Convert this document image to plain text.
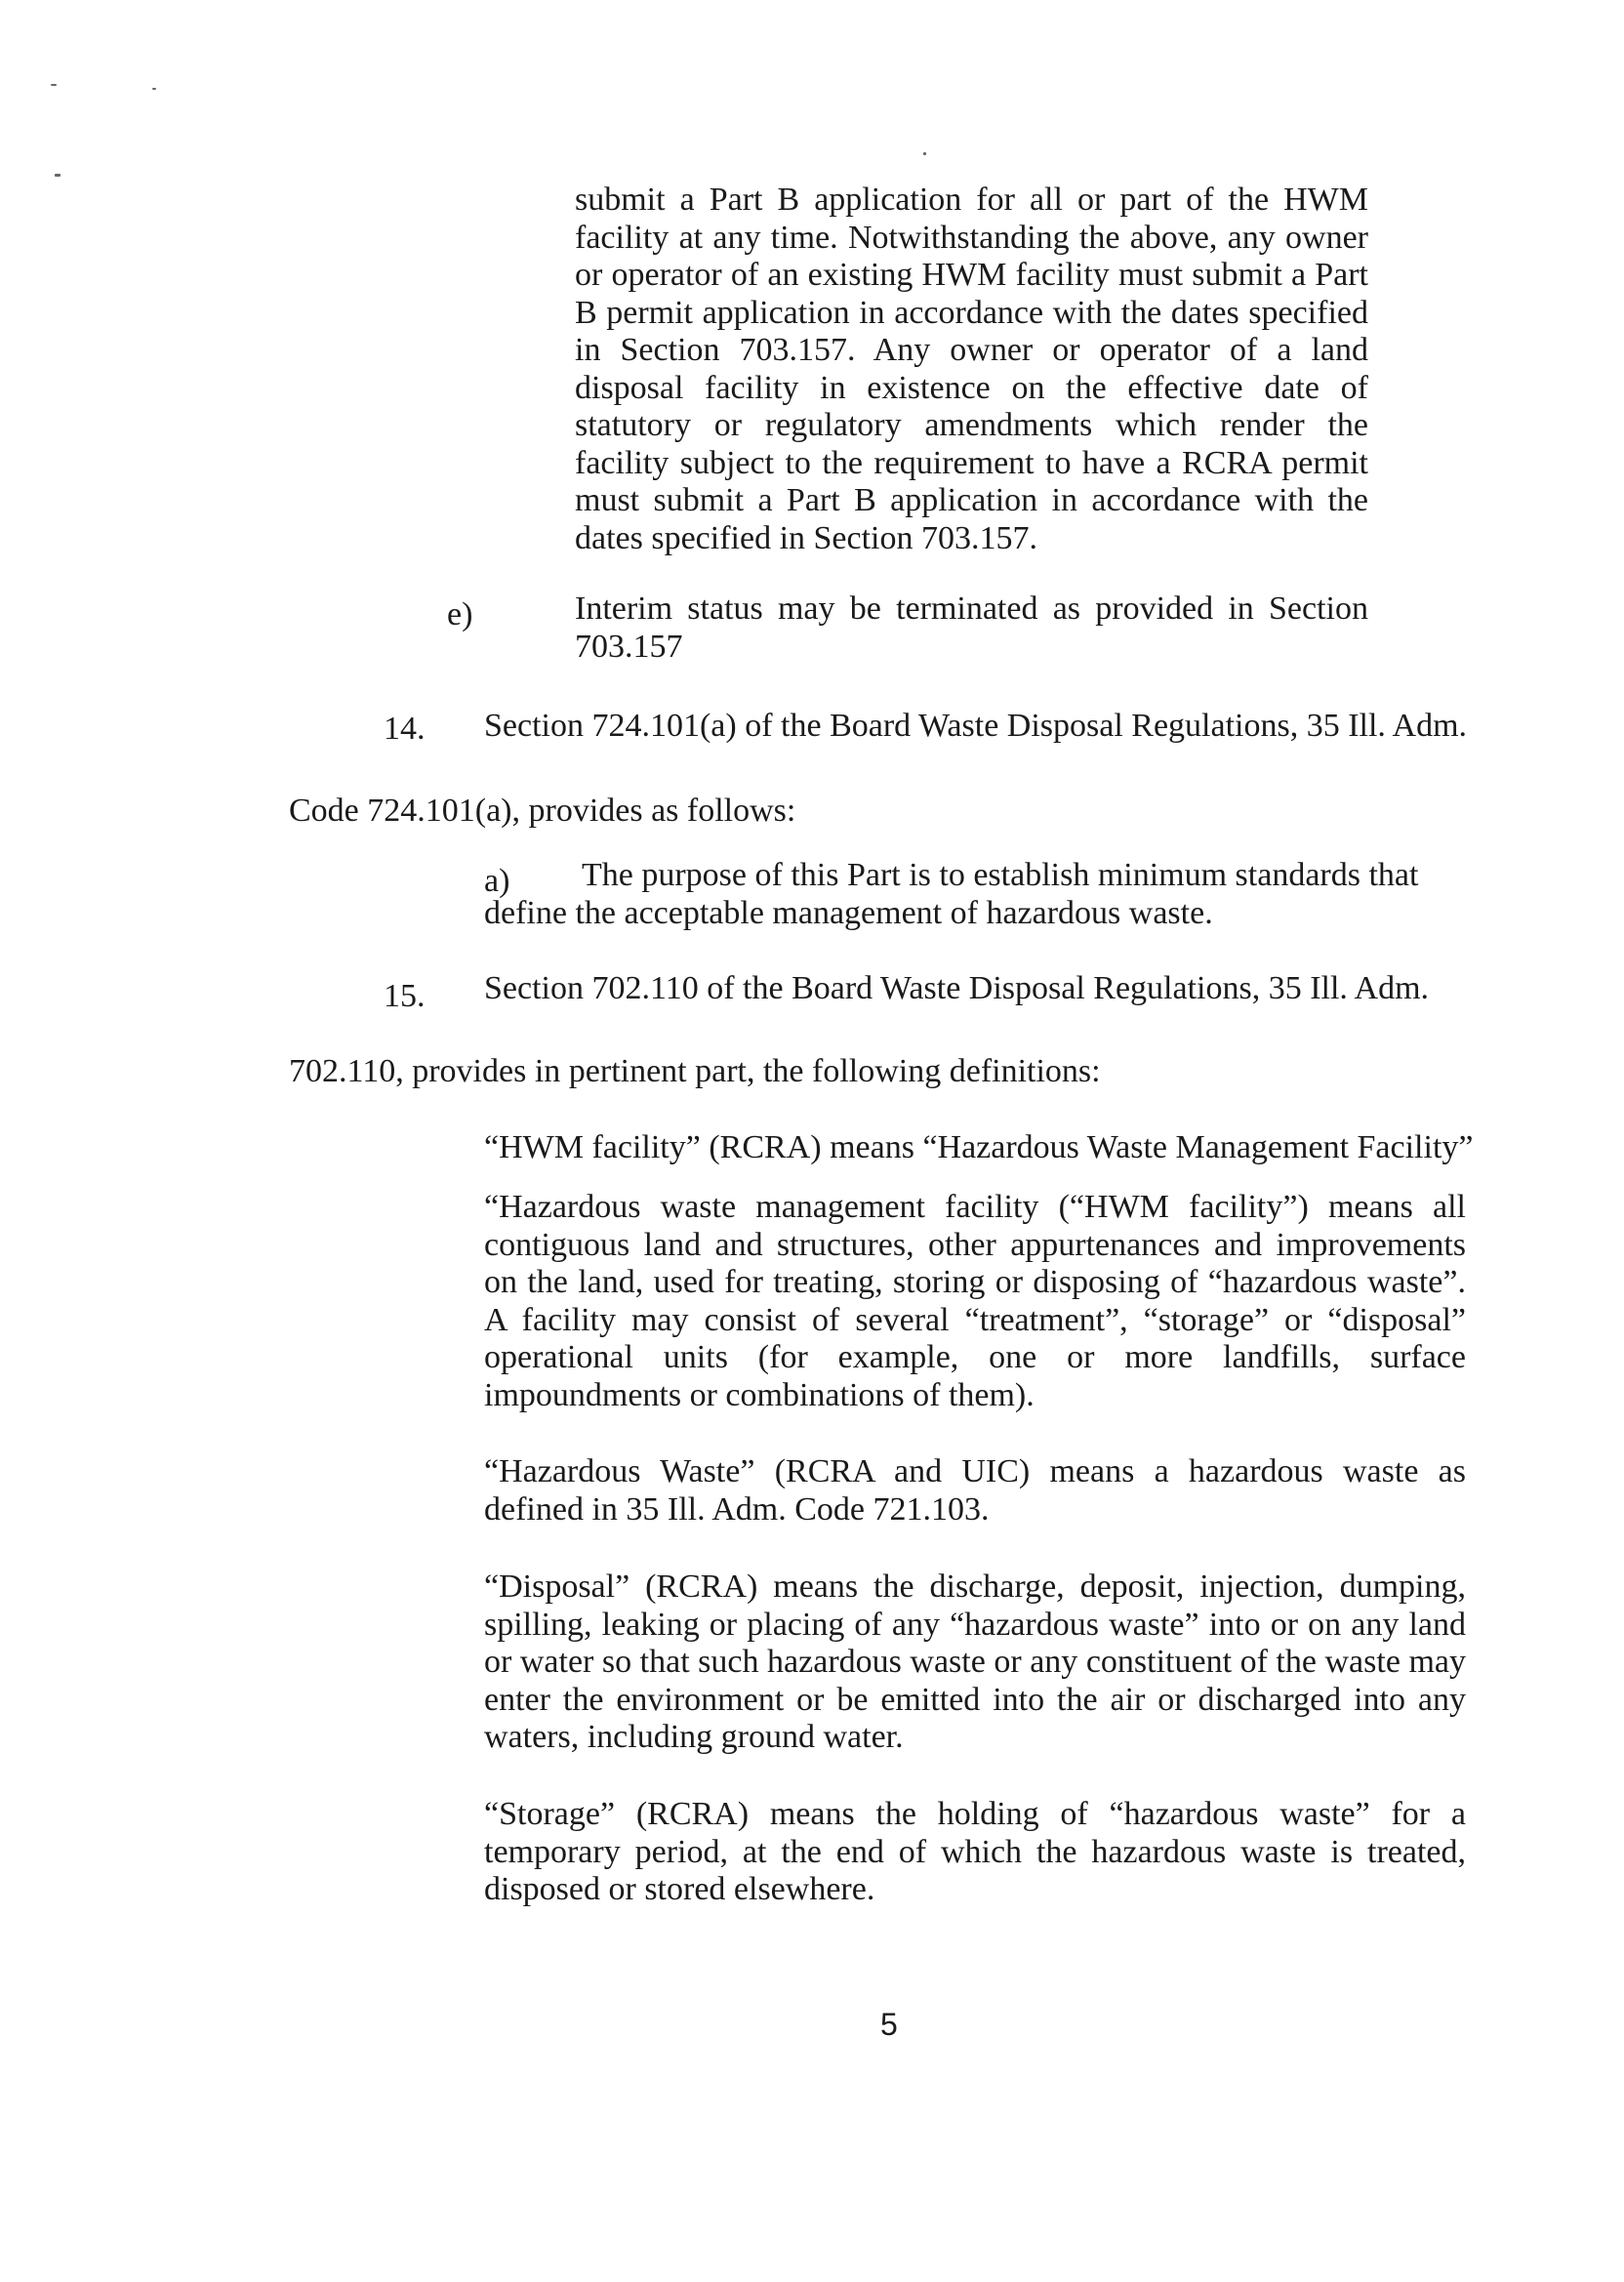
submit a Part B application for all or part of the HWM facility at any time. Notwithstanding the above, any owner or operator of an existing HWM facility must submit a Part B permit application in accordance with the dates specified in Section 703.157. Any owner or operator of a land disposal facility in existence on the effective date of statutory or regulatory amendments which render the facility subject to the requirement to have a RCRA permit must submit a Part B application in accordance with the dates specified in Section 703.157.
e)	Interim status may be terminated as provided in Section 703.157
14. Section 724.101(a) of the Board Waste Disposal Regulations, 35 Ill. Adm.
Code 724.101(a), provides as follows:
a) The purpose of this Part is to establish minimum standards that
define the acceptable management of hazardous waste.
15. Section 702.110 of the Board Waste Disposal Regulations, 35 Ill. Adm.
702.110, provides in pertinent part, the following definitions:
“HWM facility” (RCRA) means “Hazardous Waste Management Facility”
“Hazardous waste management facility (“HWM facility”) means all contiguous land and structures, other appurtenances and improvements on the land, used for treating, storing or disposing of “hazardous waste”. A facility may consist of several “treatment”, “storage” or “disposal” operational units (for example, one or more landfills, surface impoundments or combinations of them).
“Hazardous Waste” (RCRA and UIC) means a hazardous waste as defined in 35 Ill. Adm. Code 721.103.
“Disposal” (RCRA) means the discharge, deposit, injection, dumping, spilling, leaking or placing of any “hazardous waste” into or on any land or water so that such hazardous waste or any constituent of the waste may enter the environment or be emitted into the air or discharged into any waters, including ground water.
“Storage” (RCRA) means the holding of “hazardous waste” for a temporary period, at the end of which the hazardous waste is treated, disposed or stored elsewhere.
5
